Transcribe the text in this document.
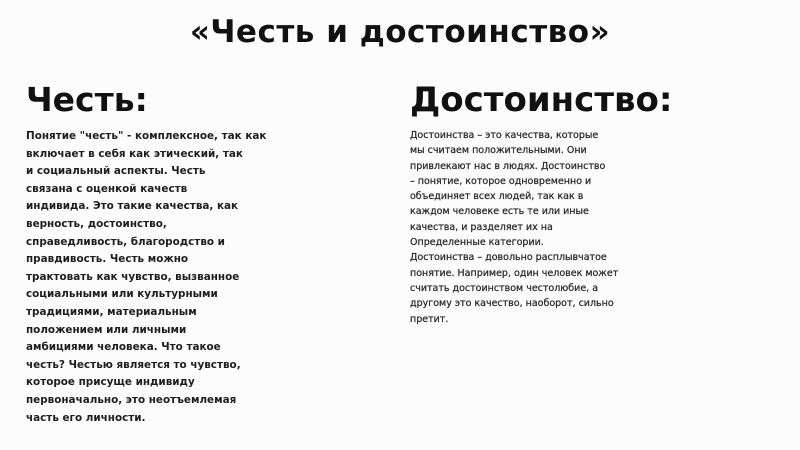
«Честь и достоинство»
Честь:
Понятие "честь" - комплексное, так как
включает в себя как этический, так
и социальный аспекты. Честь
связана с оценкой качеств
индивида. Это такие качества, как
верность, достоинство,
справедливость, благородство и
правдивость. Честь можно
трактовать как чувство, вызванное
социальными или культурными
традициями, материальным
положением или личными
амбициями человека. Что такое
честь? Честью является то чувство,
которое присуще индивиду
первоначально, это неотъемлемая
часть его личности.
Достоинство:
Достоинства – это качества, которые
мы считаем положительными. Они
привлекают нас в людях. Достоинство
– понятие, которое одновременно и
объединяет всех людей, так как в
каждом человеке есть те или иные
качества, и разделяет их на
Определенные категории.
Достоинства – довольно расплывчатое
понятие. Например, один человек может
считать достоинством честолюбие, а
другому это качество, наоборот, сильно
претит.
